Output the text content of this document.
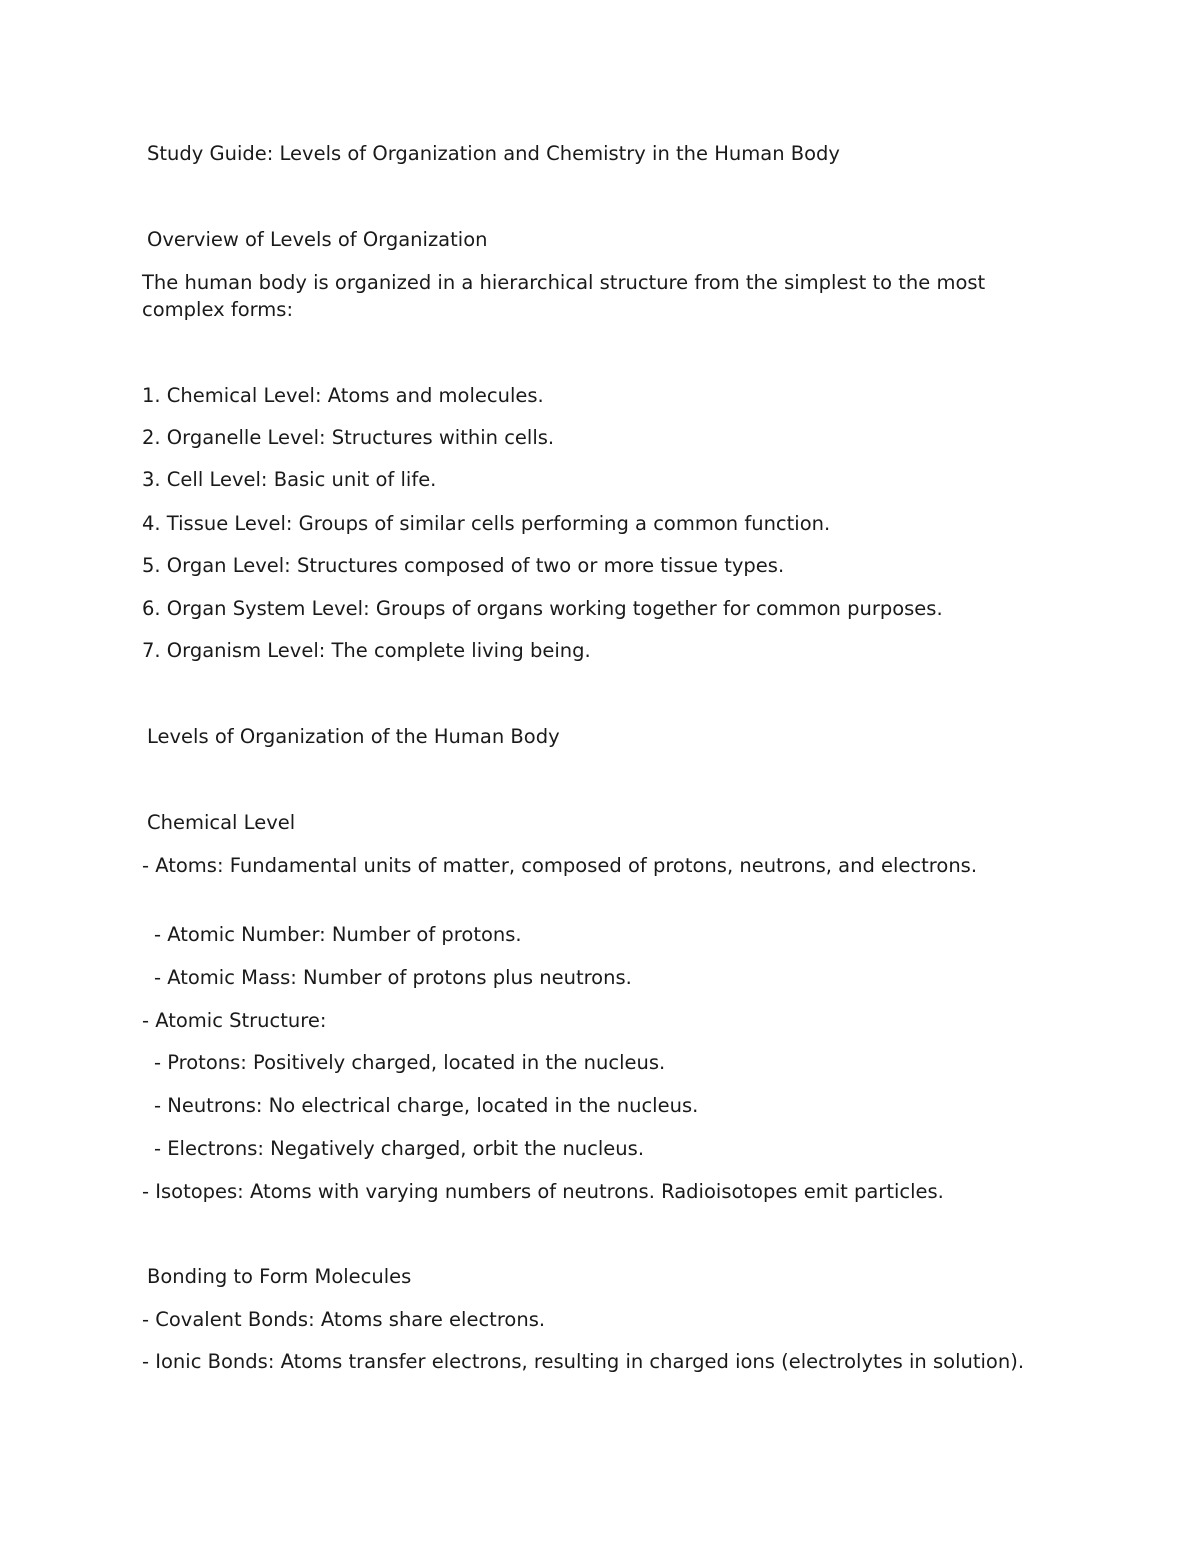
Study Guide: Levels of Organization and Chemistry in the Human Body

Overview of Levels of Organization

The human body is organized in a hierarchical structure from the simplest to the most complex forms:

1. Chemical Level: Atoms and molecules.

2. Organelle Level: Structures within cells.

3. Cell Level: Basic unit of life.

4. Tissue Level: Groups of similar cells performing a common function.

5. Organ Level: Structures composed of two or more tissue types.

6. Organ System Level: Groups of organs working together for common purposes.

7. Organism Level: The complete living being.

Levels of Organization of the Human Body

Chemical Level

- Atoms: Fundamental units of matter, composed of protons, neutrons, and electrons.

- Atomic Number: Number of protons.

- Atomic Mass: Number of protons plus neutrons.

- Atomic Structure:

- Protons: Positively charged, located in the nucleus.

- Neutrons: No electrical charge, located in the nucleus.

- Electrons: Negatively charged, orbit the nucleus.

- Isotopes: Atoms with varying numbers of neutrons. Radioisotopes emit particles.

Bonding to Form Molecules

- Covalent Bonds: Atoms share electrons.

- Ionic Bonds: Atoms transfer electrons, resulting in charged ions (electrolytes in solution).
